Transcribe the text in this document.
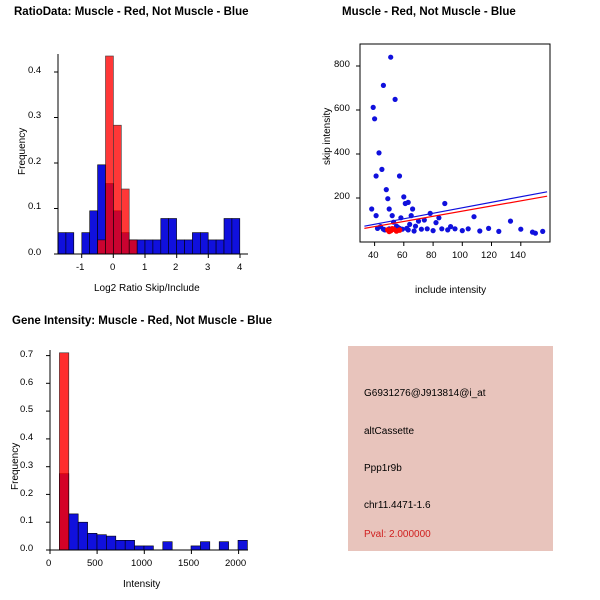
RatioData: Muscle - Red, Not Muscle - Blue
-1	0	1	2	3	4
0.0
0.1
0.2
0.3
0.4
Log2 Ratio Skip/Include
Frequency
Muscle - Red, Not Muscle - Blue
40 60 80 100 120 140
200
400
600
800
include intensity
skip intensity
Gene Intensity: Muscle - Red, Not Muscle - Blue
0	500	1000	1500	2000
0.0
0.1
0.2
0.3
0.4
0.5
0.6
0.7
Intensity
Frequency
G6931276@J913814@i_at
altCassette
Ppp1r9b
chr11.4471-1.6
Pval: 2.000000
